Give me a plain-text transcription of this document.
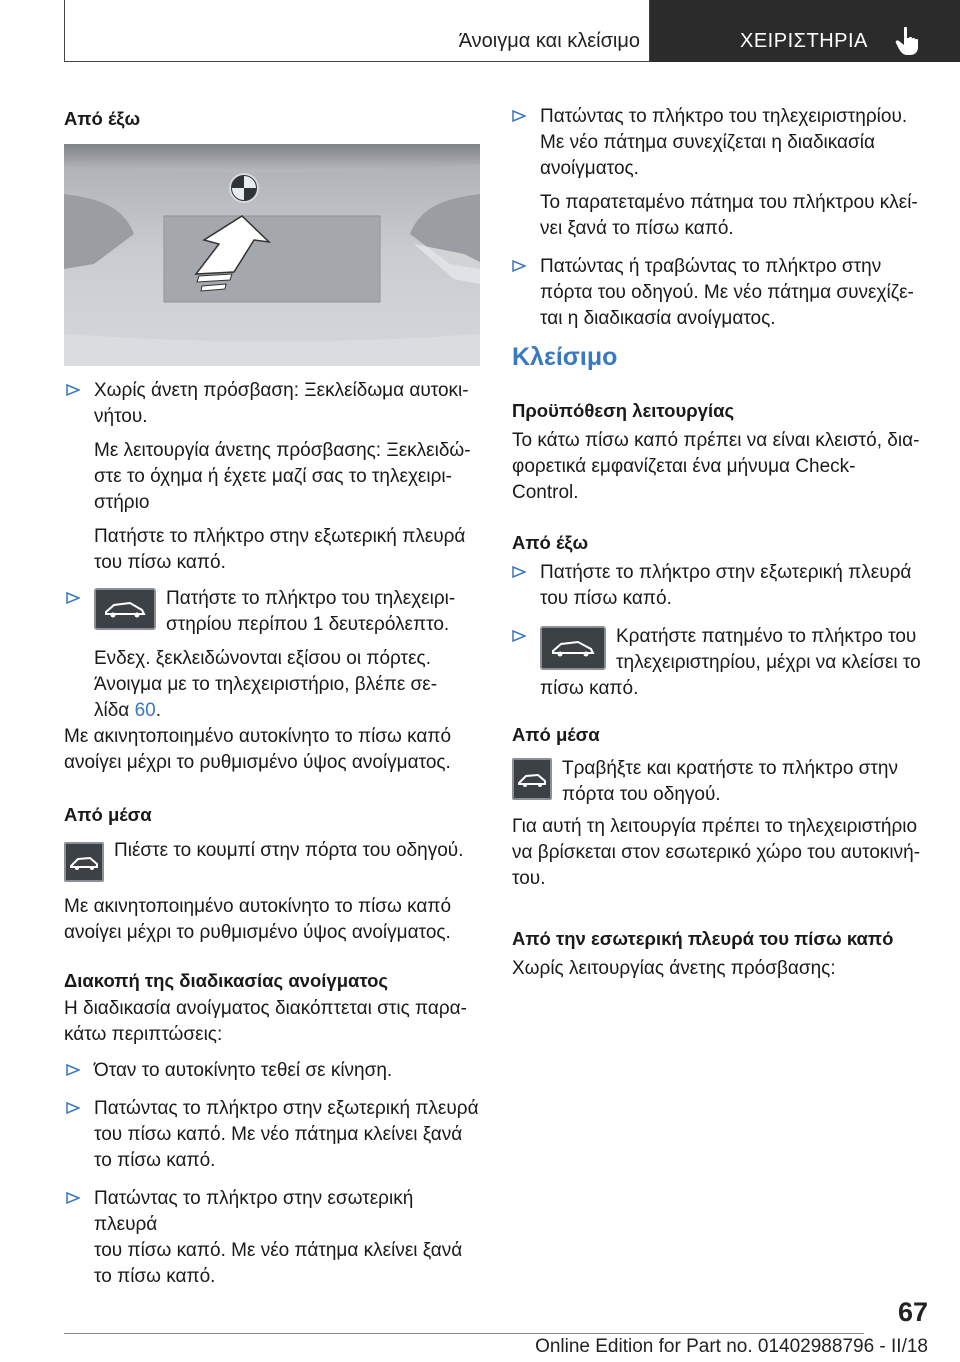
Άνοιγμα και κλείσιμο	ΧΕΙΡΙΣΤΗΡΙΑ
Από έξω
Χωρίς άνετη πρόσβαση: Ξεκλείδωμα αυτοκι-
νήτου.
Με λειτουργία άνετης πρόσβασης: Ξεκλειδώ-
στε το όχημα ή έχετε μαζί σας το τηλεχειρι-
στήριο
Πατήστε το πλήκτρο στην εξωτερική πλευρά
του πίσω καπό.
Πατήστε το πλήκτρο του τηλεχειρι-
στηρίου περίπου 1 δευτερόλεπτο.
Ενδεχ. ξεκλειδώνονται εξίσου οι πόρτες.
Άνοιγμα με το τηλεχειριστήριο, βλέπε σε-
λίδα 60.
Με ακινητοποιημένο αυτοκίνητο το πίσω καπό
ανοίγει μέχρι το ρυθμισμένο ύψος ανοίγματος.
Από μέσα
Πιέστε το κουμπί στην πόρτα του οδηγού.
Με ακινητοποιημένο αυτοκίνητο το πίσω καπό
ανοίγει μέχρι το ρυθμισμένο ύψος ανοίγματος.
Διακοπή της διαδικασίας ανοίγματος
Η διαδικασία ανοίγματος διακόπτεται στις παρα-
κάτω περιπτώσεις:
Όταν το αυτοκίνητο τεθεί σε κίνηση.
Πατώντας το πλήκτρο στην εξωτερική πλευρά
του πίσω καπό. Με νέο πάτημα κλείνει ξανά
το πίσω καπό.
Πατώντας το πλήκτρο στην εσωτερική πλευρά
του πίσω καπό. Με νέο πάτημα κλείνει ξανά
το πίσω καπό.
Πατώντας το πλήκτρο του τηλεχειριστηρίου.
Με νέο πάτημα συνεχίζεται η διαδικασία
ανοίγματος.
Το παρατεταμένο πάτημα του πλήκτρου κλεί-
νει ξανά το πίσω καπό.
Πατώντας ή τραβώντας το πλήκτρο στην
πόρτα του οδηγού. Με νέο πάτημα συνεχίζε-
ται η διαδικασία ανοίγματος.
Κλείσιμο
Προϋπόθεση λειτουργίας
Το κάτω πίσω καπό πρέπει να είναι κλειστό, δια-
φορετικά εμφανίζεται ένα μήνυμα Check-
Control.
Από έξω
Πατήστε το πλήκτρο στην εξωτερική πλευρά
του πίσω καπό.
Κρατήστε πατημένο το πλήκτρο του
τηλεχειριστηρίου, μέχρι να κλείσει το
πίσω καπό.
Από μέσα
Τραβήξτε και κρατήστε το πλήκτρο στην
πόρτα του οδηγού.
Για αυτή τη λειτουργία πρέπει το τηλεχειριστήριο
να βρίσκεται στον εσωτερικό χώρο του αυτοκινή-
του.
Από την εσωτερική πλευρά του πίσω καπό
Χωρίς λειτουργίας άνετης πρόσβασης:
67
Online Edition for Part no. 01402988796 - II/18
